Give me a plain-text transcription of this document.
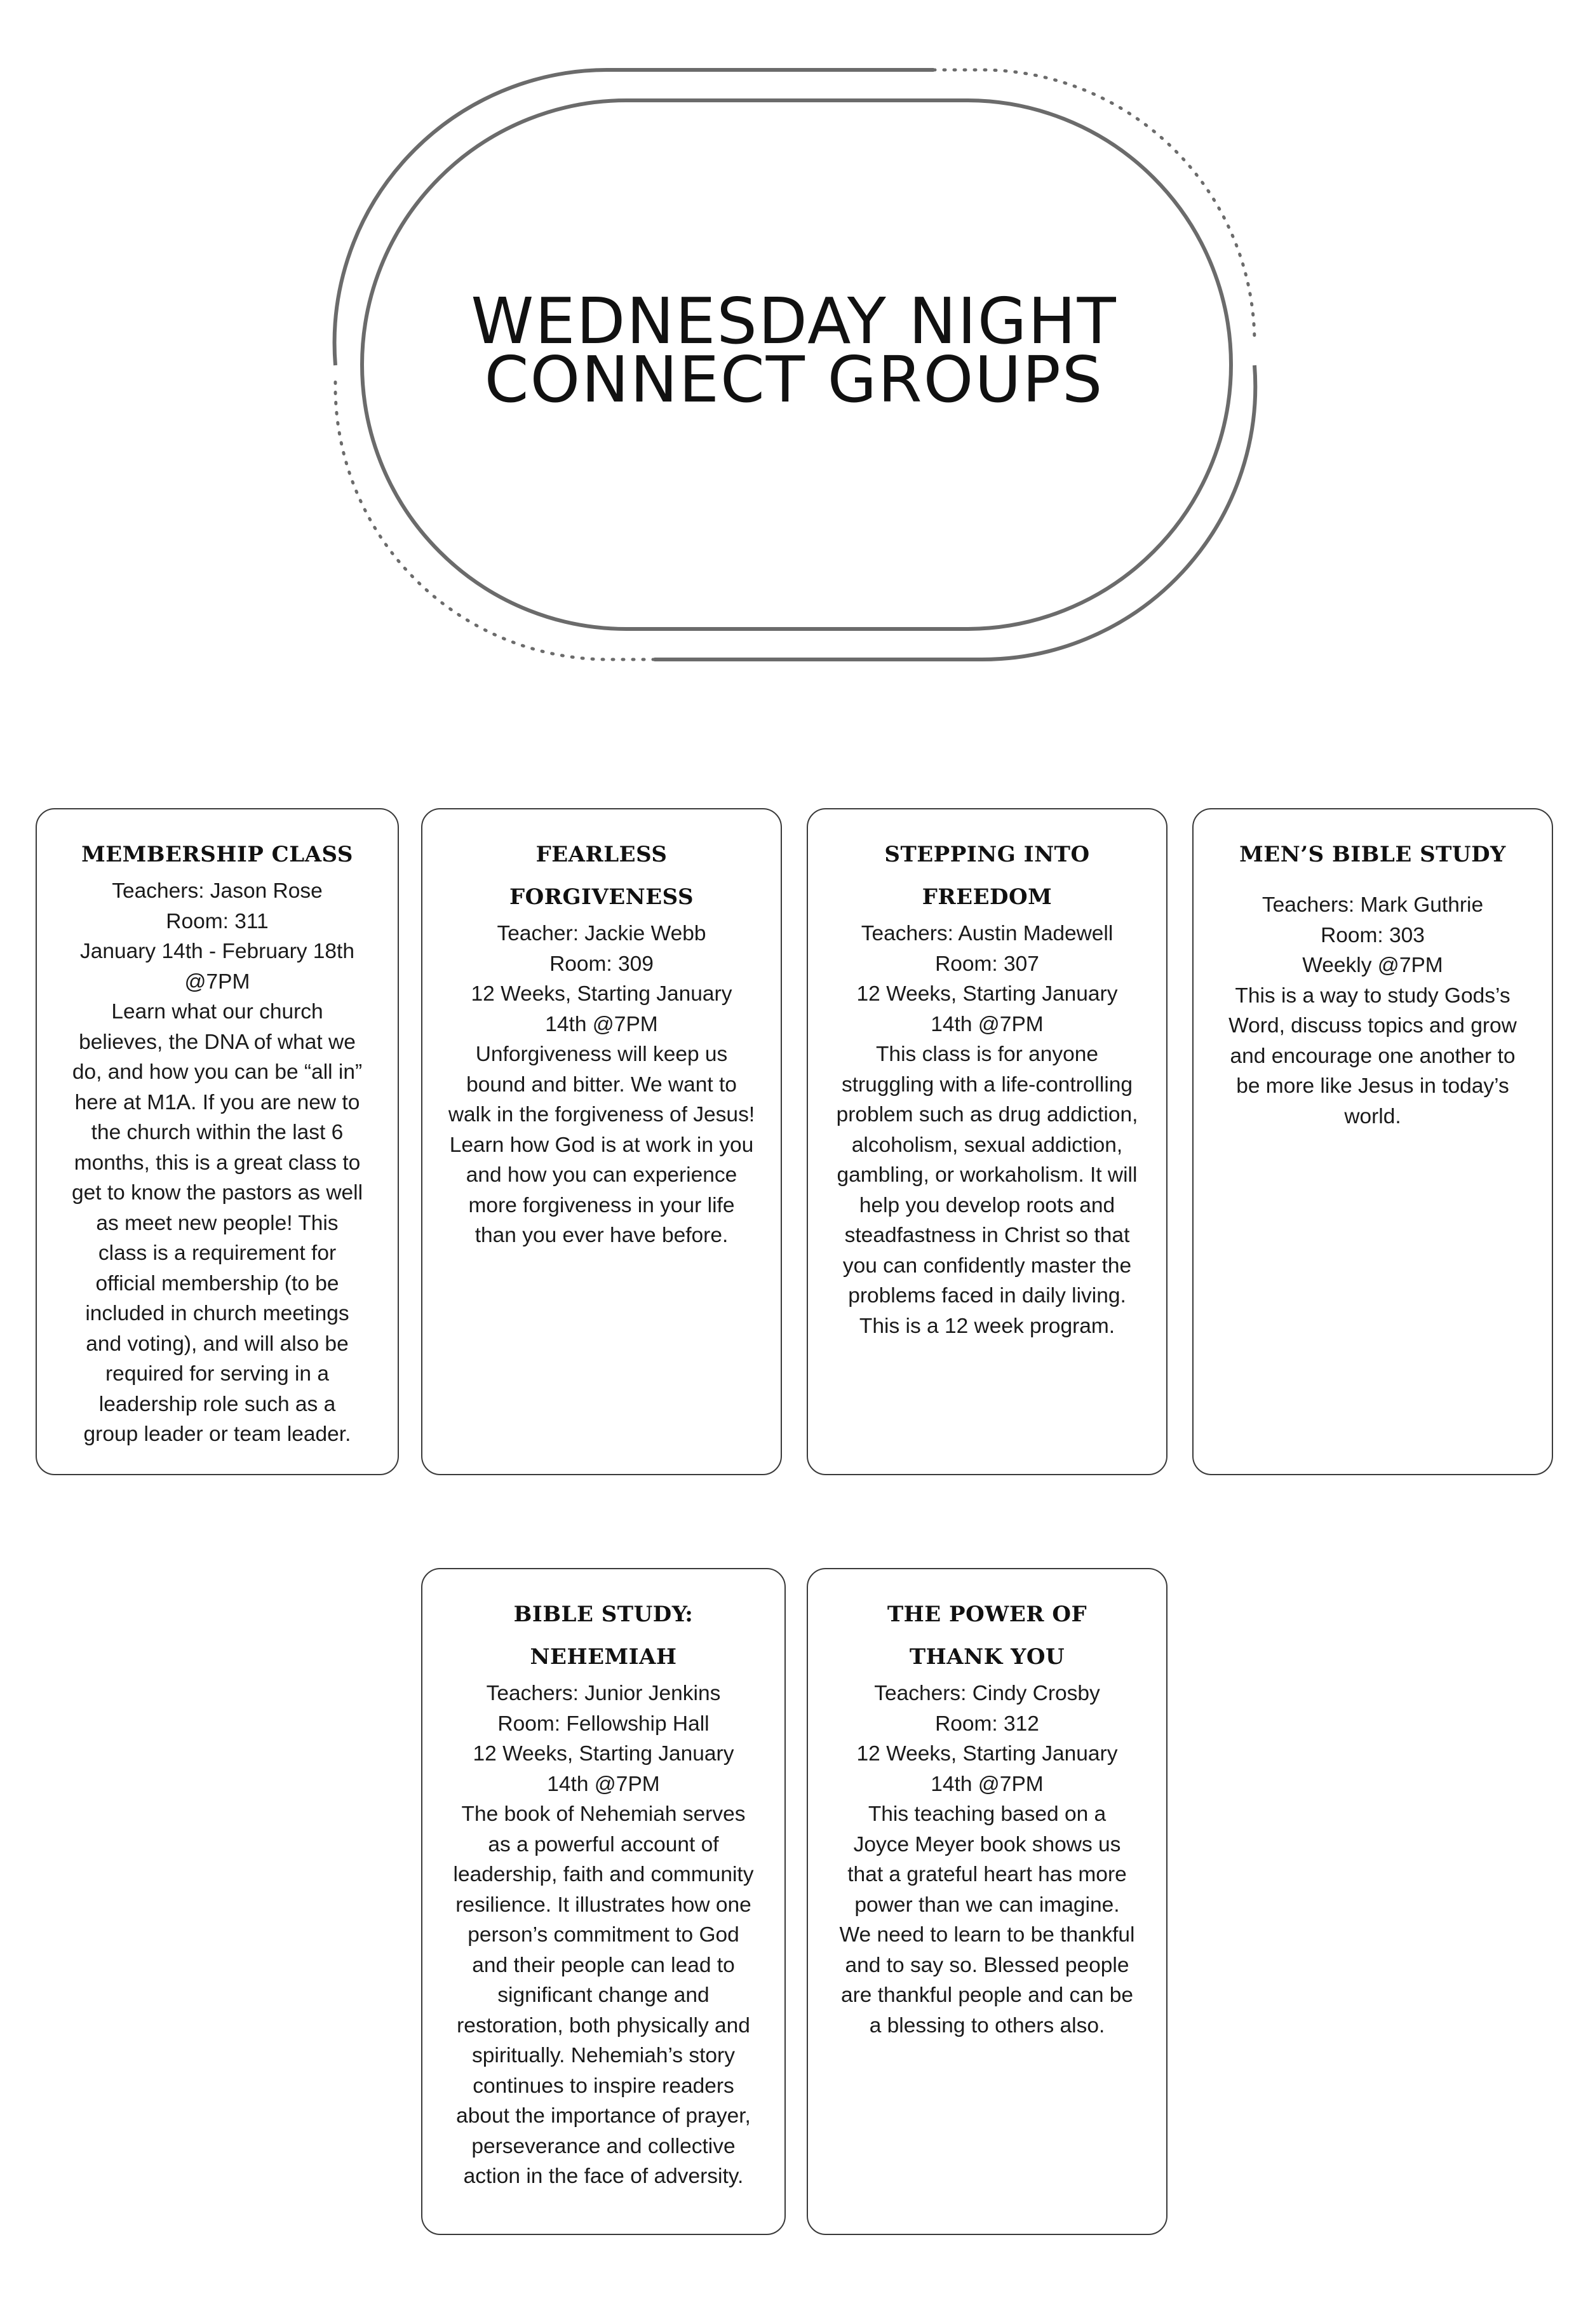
WEDNESDAY NIGHT
CONNECT GROUPS
MEMBERSHIP CLASS
Teachers: Jason Rose
Room: 311
January 14th - February 18th @7PM
Learn what our church believes, the DNA of what we do, and how you can be “all in” here at M1A. If you are new to the church within the last 6 months, this is a great class to get to know the pastors as well as meet new people! This class is a requirement for official membership (to be included in church meetings and voting), and will also be required for serving in a leadership role such as a group leader or team leader.
FEARLESS FORGIVENESS
Teacher: Jackie Webb
Room: 309
12 Weeks, Starting January 14th @7PM
Unforgiveness will keep us bound and bitter. We want to walk in the forgiveness of Jesus! Learn how God is at work in you and how you can experience more forgiveness in your life than you ever have before.
STEPPING INTO FREEDOM
Teachers: Austin Madewell
Room: 307
12 Weeks, Starting January 14th @7PM
This class is for anyone struggling with a life-controlling problem such as drug addiction, alcoholism, sexual addiction, gambling, or workaholism. It will help you develop roots and steadfastness in Christ so that you can confidently master the problems faced in daily living. This is a 12 week program.
MEN’S BIBLE STUDY
Teachers: Mark Guthrie
Room: 303
Weekly @7PM
This is a way to study Gods’s Word, discuss topics and grow and encourage one another to be more like Jesus in today’s world.
BIBLE STUDY: NEHEMIAH
Teachers: Junior Jenkins
Room: Fellowship Hall
12 Weeks, Starting January 14th @7PM
The book of Nehemiah serves as a powerful account of leadership, faith and community resilience. It illustrates how one person’s commitment to God and their people can lead to significant change and restoration, both physically and spiritually. Nehemiah’s story continues to inspire readers about the importance of prayer, perseverance and collective action in the face of adversity.
THE POWER OF THANK YOU
Teachers: Cindy Crosby
Room: 312
12 Weeks, Starting January 14th @7PM
This teaching based on a Joyce Meyer book shows us that a grateful heart has more power than we can imagine. We need to learn to be thankful and to say so. Blessed people are thankful people and can be a blessing to others also.
